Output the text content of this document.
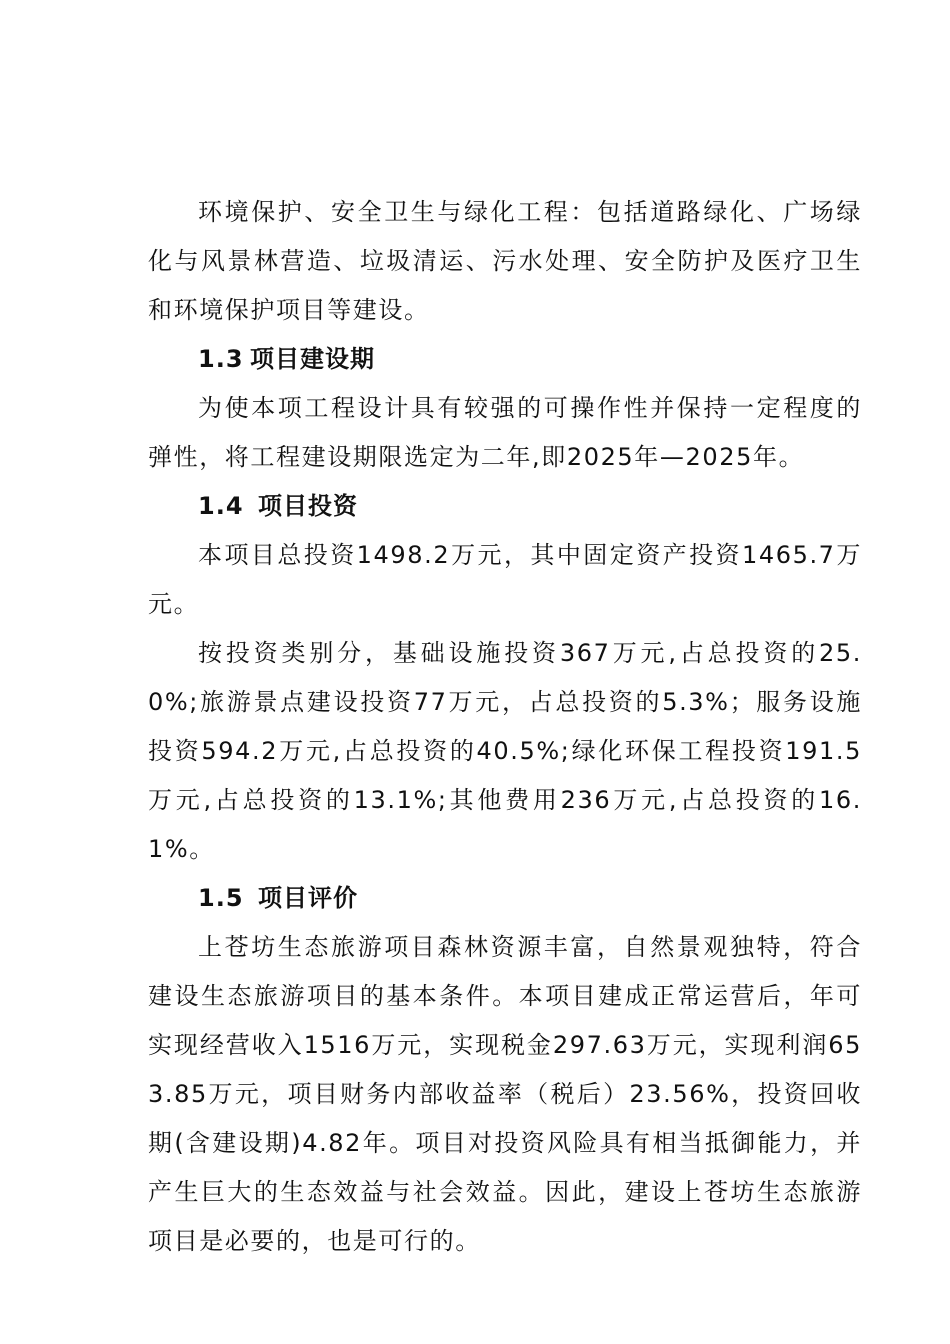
环境保护、安全卫生与绿化工程：包括道路绿化、广场绿化与风景林营造、垃圾清运、污水处理、安全防护及医疗卫生和环境保护项目等建设。

1.3 项目建设期

为使本项工程设计具有较强的可操作性并保持一定程度的弹性，将工程建设期限选定为二年,即2025年—2025年。

1.4 项目投资

本项目总投资1498.2万元，其中固定资产投资1465.7万元。

按投资类别分，基础设施投资367万元,占总投资的25.0%;旅游景点建设投资77万元，占总投资的5.3%；服务设施投资594.2万元,占总投资的40.5%;绿化环保工程投资191.5万元,占总投资的13.1%;其他费用236万元,占总投资的16.1%。

1.5 项目评价

上苍坊生态旅游项目森林资源丰富，自然景观独特，符合建设生态旅游项目的基本条件。本项目建成正常运营后，年可实现经营收入1516万元，实现税金297.63万元，实现利润653.85万元，项目财务内部收益率（税后）23.56%，投资回收期(含建设期)4.82年。项目对投资风险具有相当抵御能力，并产生巨大的生态效益与社会效益。因此，建设上苍坊生态旅游项目是必要的，也是可行的。
